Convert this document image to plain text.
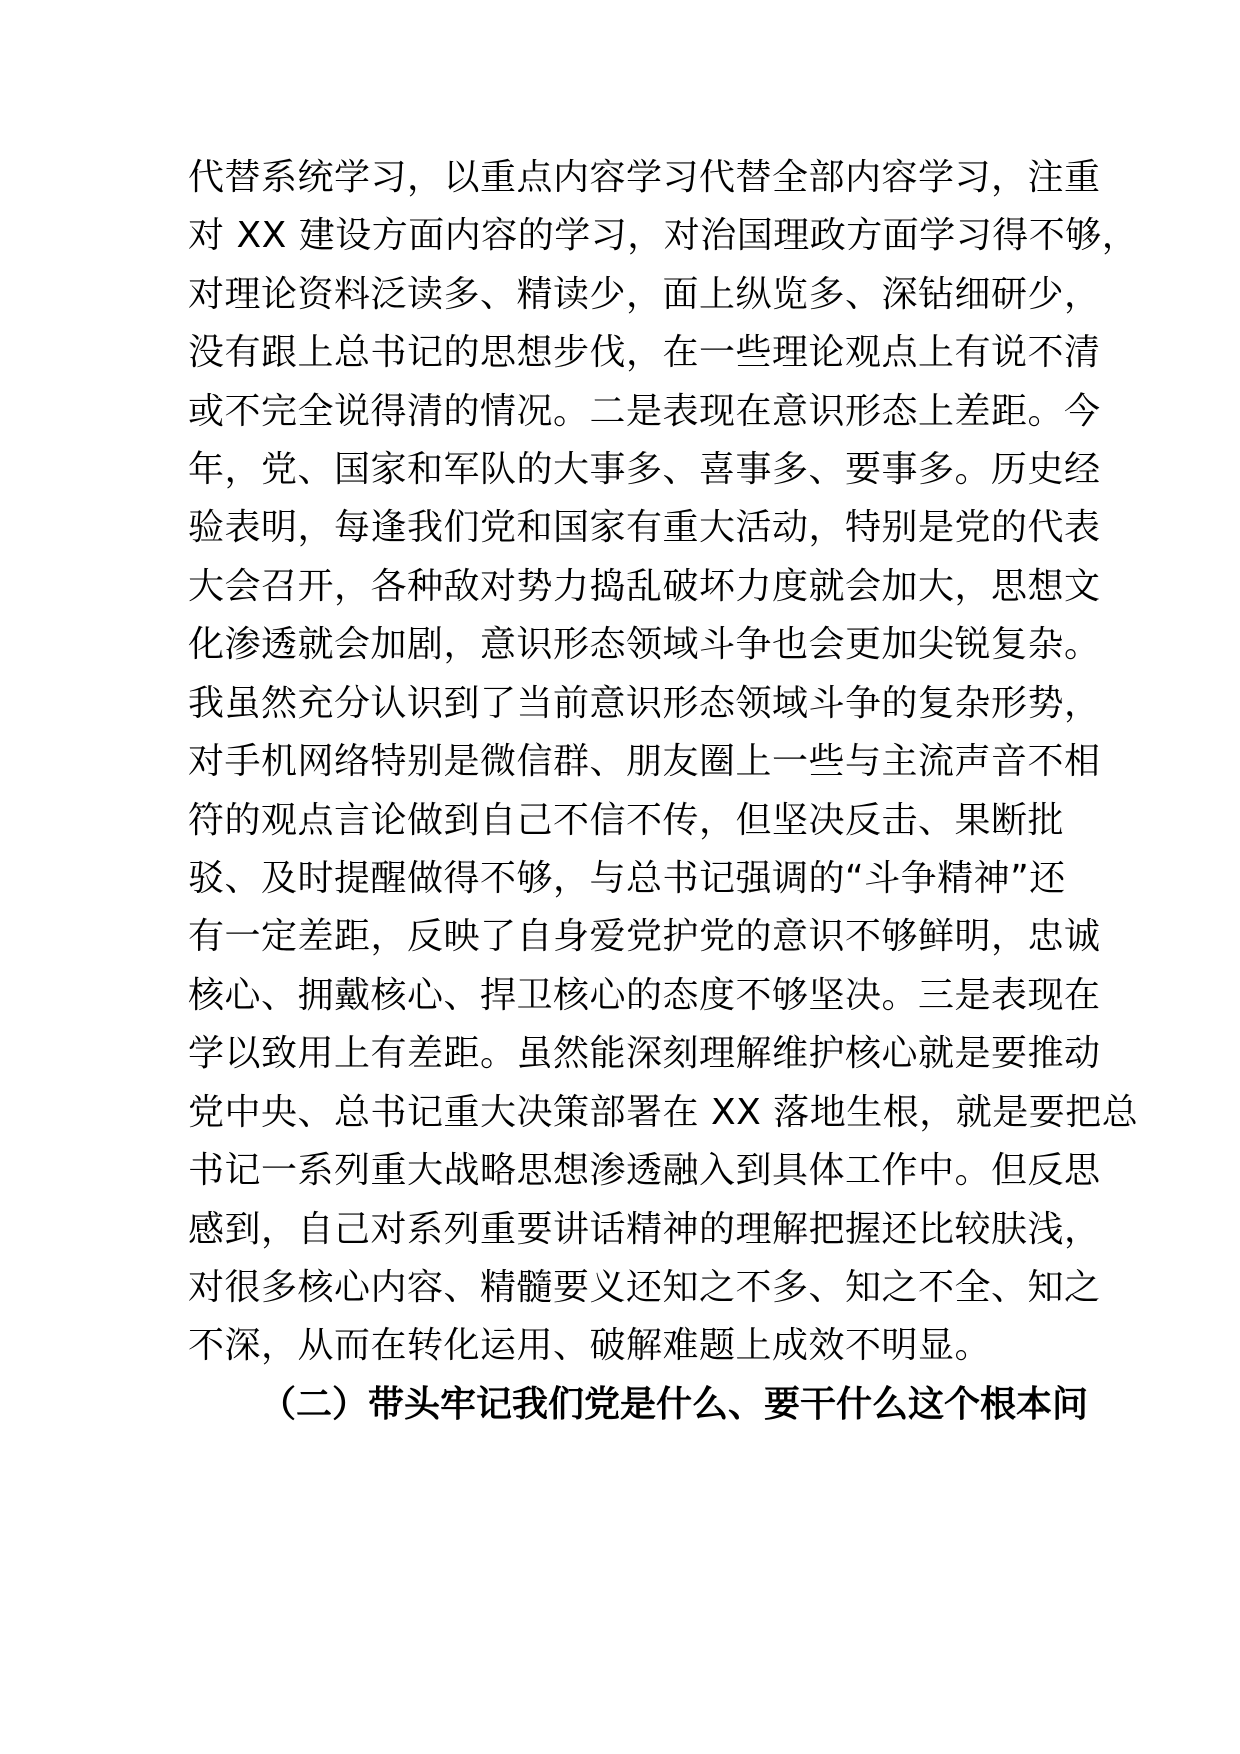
代替系统学习，以重点内容学习代替全部内容学习，注重
对 XX 建设方面内容的学习，对治国理政方面学习得不够，
对理论资料泛读多、精读少，面上纵览多、深钻细研少，
没有跟上总书记的思想步伐，在一些理论观点上有说不清
或不完全说得清的情况。二是表现在意识形态上差距。今
年，党、国家和军队的大事多、喜事多、要事多。历史经
验表明，每逢我们党和国家有重大活动，特别是党的代表
大会召开，各种敌对势力捣乱破坏力度就会加大，思想文
化渗透就会加剧，意识形态领域斗争也会更加尖锐复杂。
我虽然充分认识到了当前意识形态领域斗争的复杂形势，
对手机网络特别是微信群、朋友圈上一些与主流声音不相
符的观点言论做到自己不信不传，但坚决反击、果断批
驳、及时提醒做得不够，与总书记强调的“斗争精神”还
有一定差距，反映了自身爱党护党的意识不够鲜明，忠诚
核心、拥戴核心、捍卫核心的态度不够坚决。三是表现在
学以致用上有差距。虽然能深刻理解维护核心就是要推动
党中央、总书记重大决策部署在 XX 落地生根，就是要把总
书记一系列重大战略思想渗透融入到具体工作中。但反思
感到，自己对系列重要讲话精神的理解把握还比较肤浅，
对很多核心内容、精髓要义还知之不多、知之不全、知之
不深，从而在转化运用、破解难题上成效不明显。
（二）带头牢记我们党是什么、要干什么这个根本问
